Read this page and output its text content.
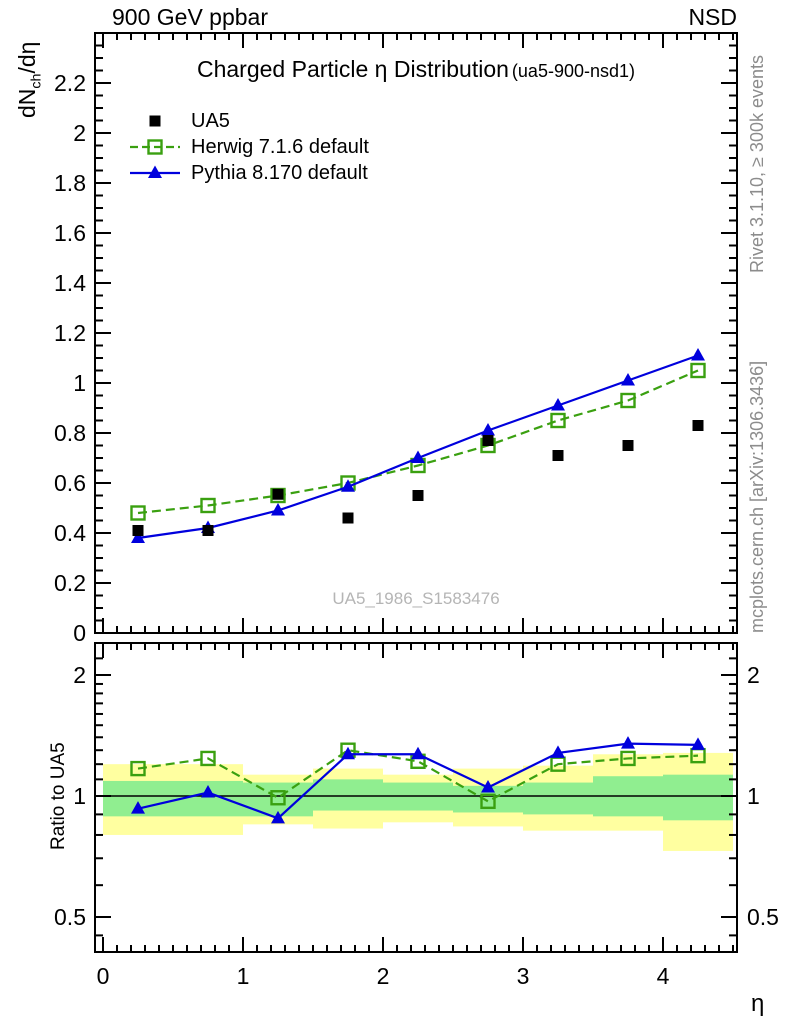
0
0.2
0.4
0.6
0.8
1
1.2
1.4
1.6
1.8
2
2.2
0.5	0.5
1	1
2	2
0	1	2	3	4
900 GeV ppbar	NSD
Charged Particle η Distribution (ua5-900-nsd1)
UA5
Herwig 7.1.6 default
Pythia 8.170 default
$dN_{ch}/d\eta$
Ratio to UA5
UA5_1986_S1583476
Rivet 3.1.10, ≥ 300k events
mcplots.cern.ch [arXiv:1306.3436]
η
